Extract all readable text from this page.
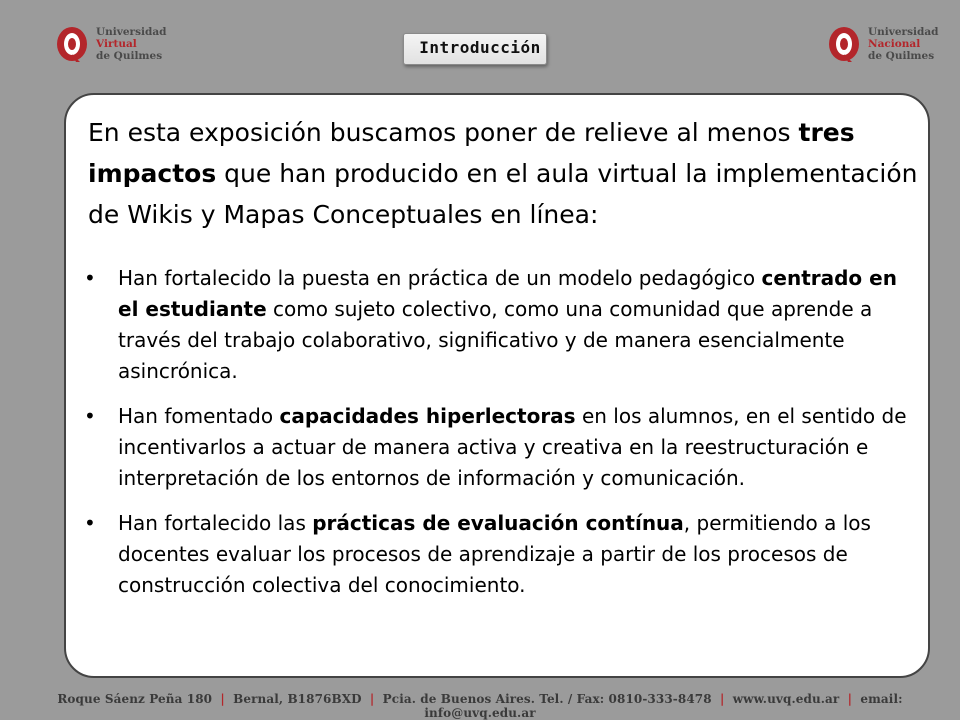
Universidad
Virtual
de Quilmes	Introducción
Universidad
Nacional
de Quilmes

En esta exposición buscamos poner de relieve al menos tres impactos que han producido en el aula virtual la implementación de Wikis y Mapas Conceptuales en línea:

• Han fortalecido la puesta en práctica de un modelo pedagógico centrado en el estudiante como sujeto colectivo, como una comunidad que aprende a través del trabajo colaborativo, significativo y de manera esencialmente asincrónica.
• Han fomentado capacidades hiperlectoras en los alumnos, en el sentido de incentivarlos a actuar de manera activa y creativa en la reestructuración e interpretación de los entornos de información y comunicación.
• Han fortalecido las prácticas de evaluación contínua, permitiendo a los docentes evaluar los procesos de aprendizaje a partir de los procesos de construcción colectiva del conocimiento.
Roque Sáenz Peña 180 | Bernal, B1876BXD | Pcia. de Buenos Aires. Tel. / Fax: 0810-333-8478 | www.uvq.edu.ar | email: info@uvq.edu.ar
